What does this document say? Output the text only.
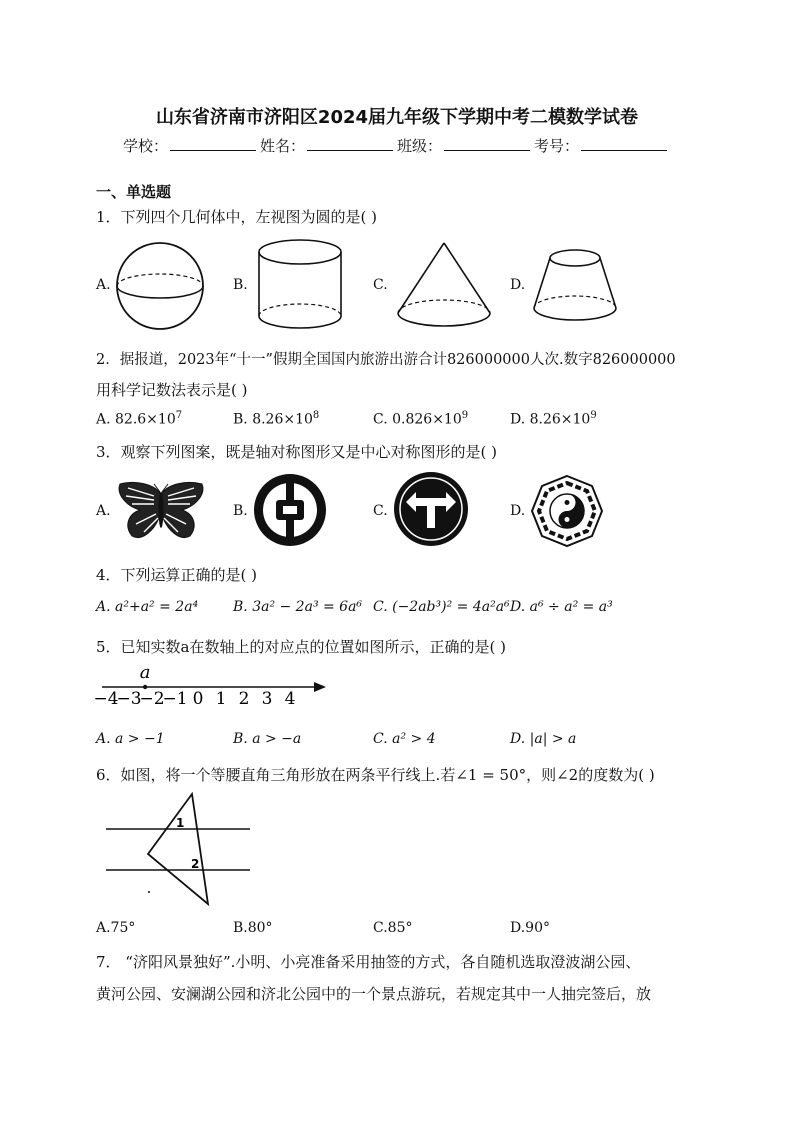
山东省济南市济阳区2024届九年级下学期中考二模数学试卷
学校：	姓名：	班级：	考号：
一、单选题
1．下列四个几何体中，左视图为圆的是( )
A.	B.	C.	D.
2．据报道，2023年“十一”假期全国国内旅游出游合计826000000人次.数字826000000
用科学记数法表示是( )
A. $82.6\times 10^7$	B. $8.26\times 10^8$	C. $0.826\times 10^9$	D. $8.26\times 10^9$
3．观察下列图案，既是轴对称图形又是中心对称图形的是( )
A.	B.	C.	D.
4．下列运算正确的是( )
A. a²+a² = 2a⁴ B. 3a² − 2a³ = 6a⁶ C. (−2ab³)² = 4a²a⁶ D. a⁶ ÷ a² = a³
5．已知实数a在数轴上的对应点的位置如图所示，正确的是( )
a
−4
−3
−2
−1 0 1 2 3 4
A. a > −1	B. a > −a	C. a² > 4	D. |a| > a
6．如图，将一个等腰直角三角形放在两条平行线上.若∠1 = 50°，则∠2的度数为( )
1
2
A.75°	B.80°	C.85°	D.90°
7． “济阳风景独好”.小明、小亮准备采用抽签的方式，各自随机选取澄波湖公园、
黄河公园、安澜湖公园和济北公园中的一个景点游玩，若规定其中一人抽完签后，放
